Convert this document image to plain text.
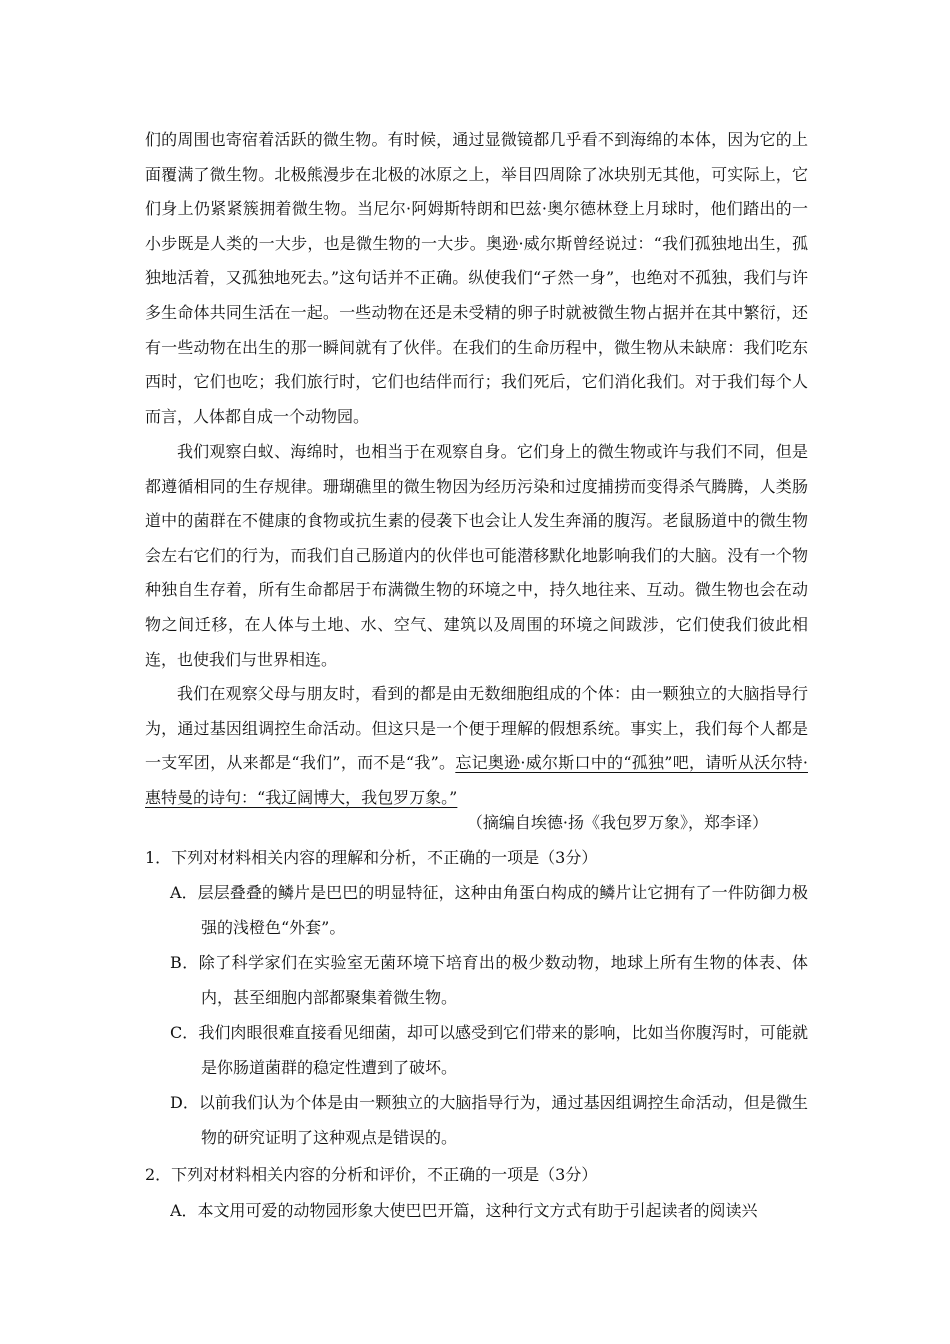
们的周围也寄宿着活跃的微生物。有时候，通过显微镜都几乎看不到海绵的本体，因为它的上面覆满了微生物。北极熊漫步在北极的冰原之上，举目四周除了冰块别无其他，可实际上，它们身上仍紧紧簇拥着微生物。当尼尔·阿姆斯特朗和巴兹·奥尔德林登上月球时，他们踏出的一小步既是人类的一大步，也是微生物的一大步。奥逊·威尔斯曾经说过：“我们孤独地出生，孤独地活着，又孤独地死去。”这句话并不正确。纵使我们“孑然一身”，也绝对不孤独，我们与许多生命体共同生活在一起。一些动物在还是未受精的卵子时就被微生物占据并在其中繁衍，还有一些动物在出生的那一瞬间就有了伙伴。在我们的生命历程中，微生物从未缺席：我们吃东西时，它们也吃；我们旅行时，它们也结伴而行；我们死后，它们消化我们。对于我们每个人而言，人体都自成一个动物园。
我们观察白蚁、海绵时，也相当于在观察自身。它们身上的微生物或许与我们不同，但是都遵循相同的生存规律。珊瑚礁里的微生物因为经历污染和过度捕捞而变得杀气腾腾，人类肠道中的菌群在不健康的食物或抗生素的侵袭下也会让人发生奔涌的腹泻。老鼠肠道中的微生物会左右它们的行为，而我们自己肠道内的伙伴也可能潜移默化地影响我们的大脑。没有一个物种独自生存着，所有生命都居于布满微生物的环境之中，持久地往来、互动。微生物也会在动物之间迁移，在人体与土地、水、空气、建筑以及周围的环境之间跋涉，它们使我们彼此相连，也使我们与世界相连。
我们在观察父母与朋友时，看到的都是由无数细胞组成的个体：由一颗独立的大脑指导行为，通过基因组调控生命活动。但这只是一个便于理解的假想系统。事实上，我们每个人都是一支军团，从来都是“我们”，而不是“我”。忘记奥逊·威尔斯口中的“孤独”吧，请听从沃尔特·惠特曼的诗句：“我辽阔博大，我包罗万象。”
（摘编自埃德·扬《我包罗万象》，郑李译）
1．下列对材料相关内容的理解和分析，不正确的一项是（3分）
A．层层叠叠的鳞片是巴巴的明显特征，这种由角蛋白构成的鳞片让它拥有了一件防御力极强的浅橙色“外套”。
B．除了科学家们在实验室无菌环境下培育出的极少数动物，地球上所有生物的体表、体内，甚至细胞内部都聚集着微生物。
C．我们肉眼很难直接看见细菌，却可以感受到它们带来的影响，比如当你腹泻时，可能就是你肠道菌群的稳定性遭到了破坏。
D．以前我们认为个体是由一颗独立的大脑指导行为，通过基因组调控生命活动，但是微生物的研究证明了这种观点是错误的。
2．下列对材料相关内容的分析和评价，不正确的一项是（3分）
A．本文用可爱的动物园形象大使巴巴开篇，这种行文方式有助于引起读者的阅读兴
